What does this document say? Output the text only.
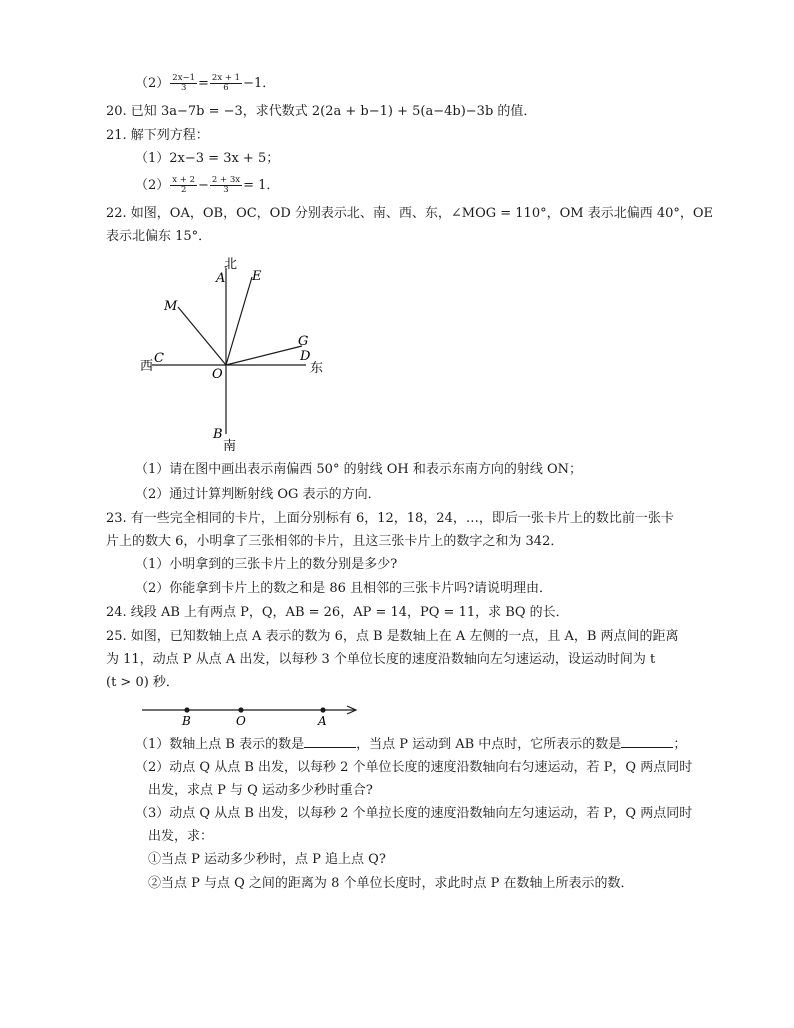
$(2) \frac{2x-1}{3} = \frac{2x + 1}{6} -1$．
20. 已知 3a−7b = −3，求代数式 2(2a + b−1) + 5(a−4b)−3b 的值．
21. 解下列方程：
（1）2x−3 = 3x + 5；
$(2) \frac{x + 2}{2} - \frac{2 + 3x}{3} = 1$．
22. 如图，OA，OB，OC，OD 分别表示北、南、西、东，∠MOG = 110°，OM 表示北偏西 40°，OE
表示北偏东 15°．
北
A E
M
G
D
东
西
C
O
B
南
（1）请在图中画出表示南偏西 50° 的射线 OH 和表示东南方向的射线 ON；
（2）通过计算判断射线 OG 表示的方向．
23. 有一些完全相同的卡片，上面分别标有 6，12，18，24，…，即后一张卡片上的数比前一张卡
片上的数大 6，小明拿了三张相邻的卡片，且这三张卡片上的数字之和为 342．
（1）小明拿到的三张卡片上的数分别是多少?
（2）你能拿到卡片上的数之和是 86 且相邻的三张卡片吗?请说明理由．
24. 线段 AB 上有两点 P，Q，AB = 26，AP = 14，PQ = 11，求 BQ 的长．
25. 如图，已知数轴上点 A 表示的数为 6，点 B 是数轴上在 A 左侧的一点，且 A，B 两点间的距离
为 11，动点 P 从点 A 出发，以每秒 3 个单位长度的速度沿数轴向左匀速运动，设运动时间为 t
(t > 0) 秒．
B	O	A
（1）数轴上点 B 表示的数是	，当点 P 运动到 AB 中点时，它所表示的数是	；
（2）动点 Q 从点 B 出发，以每秒 2 个单位长度的速度沿数轴向右匀速运动，若 P，Q 两点同时
出发，求点 P 与 Q 运动多少秒时重合?
（3）动点 Q 从点 B 出发，以每秒 2 个单拉长度的速度沿数轴向左匀速运动，若 P，Q 两点同时
出发，求：
①当点 P 运动多少秒时，点 P 追上点 Q?
②当点 P 与点 Q 之间的距离为 8 个单位长度时，求此时点 P 在数轴上所表示的数．
